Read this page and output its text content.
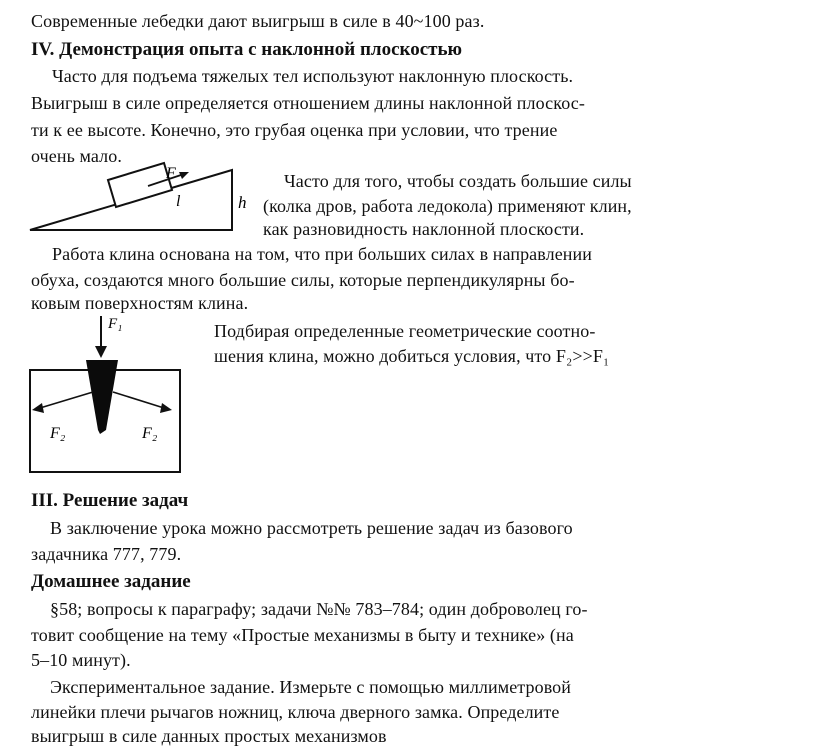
Современные лебедки дают выигрыш в силе в 40~100 раз.
IV. Демонстрация опыта с наклонной плоскостью
Часто для подъема тяжелых тел используют наклонную плоскость.
Выигрыш в силе определяется отношением длины наклонной плоскос-
ти к ее высоте. Конечно, это грубая оценка при условии, что трение
очень мало.
F
l	h
Часто для того, чтобы создать большие силы
(колка дров, работа ледокола) применяют клин,
как разновидность наклонной плоскости.
Работа клина основана на том, что при больших силах в направлении
обуха, создаются много большие силы, которые перпендикулярны бо-
ковым поверхностям клина.
F₁
F₂	F₂
Подбирая определенные геометрические соотно-
шения клина, можно добиться условия, что F₂>>F₁
III. Решение задач
В заключение урока можно рассмотреть решение задач из базового
задачника 777, 779.
Домашнее задание
§58; вопросы к параграфу; задачи №№ 783–784; один доброволец го-
товит сообщение на тему «Простые механизмы в быту и технике» (на
5–10 минут).
Экспериментальное задание. Измерьте с помощью миллиметровой
линейки плечи рычагов ножниц, ключа дверного замка. Определите
выигрыш в силе данных простых механизмов
